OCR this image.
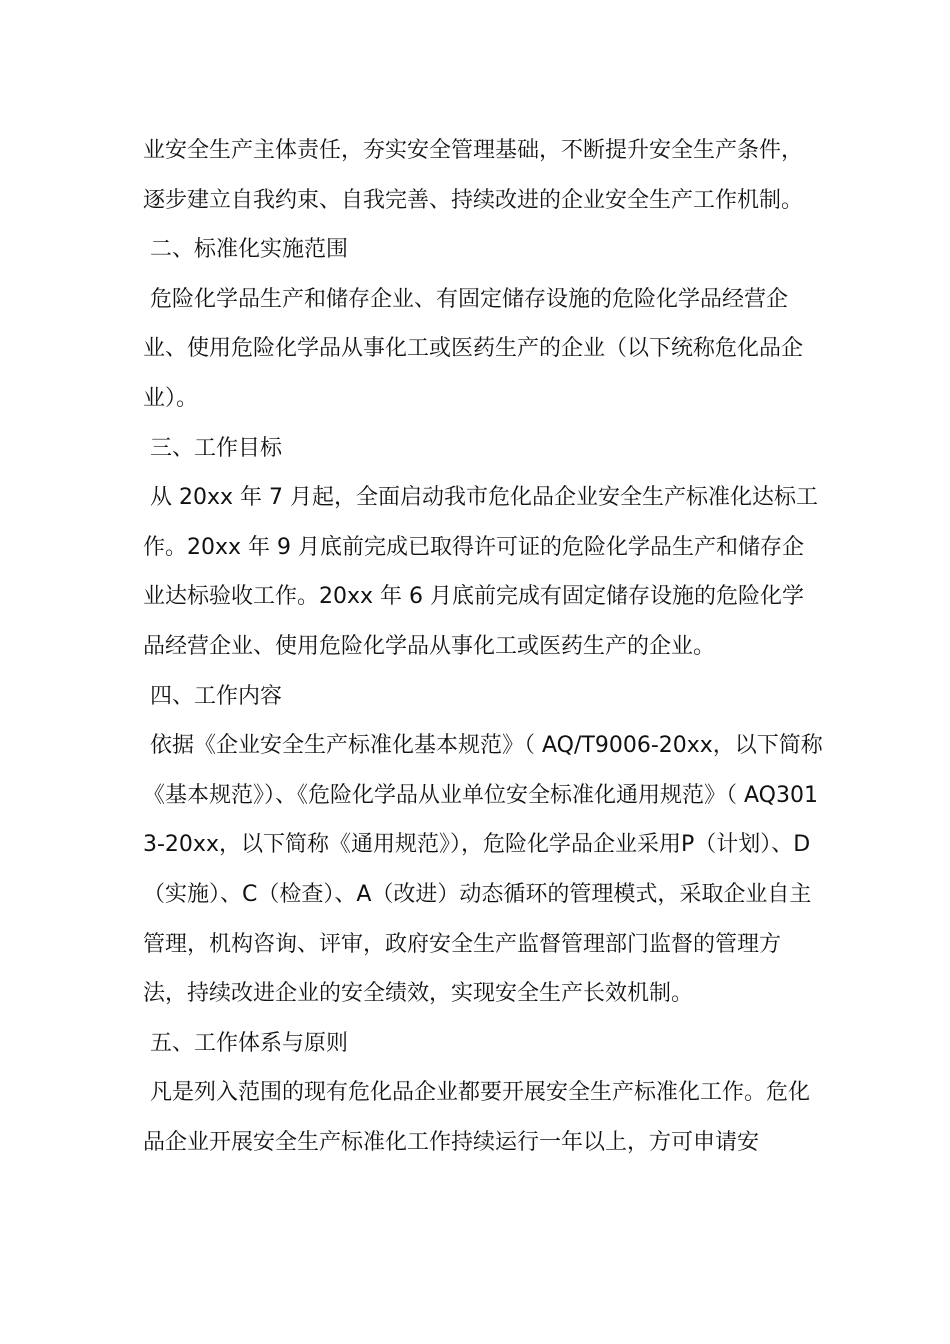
业安全生产主体责任，夯实安全管理基础，不断提升安全生产条件，逐步建立自我约束、自我完善、持续改进的企业安全生产工作机制。

二、标准化实施范围

危险化学品生产和储存企业、有固定储存设施的危险化学品经营企业、使用危险化学品从事化工或医药生产的企业（以下统称危化品企业）。

三、工作目标

从 20xx 年 7 月起，全面启动我市危化品企业安全生产标准化达标工作。20xx 年 9 月底前完成已取得许可证的危险化学品生产和储存企业达标验收工作。20xx 年 6 月底前完成有固定储存设施的危险化学品经营企业、使用危险化学品从事化工或医药生产的企业。

四、工作内容

依据《企业安全生产标准化基本规范》（ AQ/T9006-20xx，以下简称《基本规范》）、《危险化学品从业单位安全标准化通用规范》（ AQ3013-20xx，以下简称《通用规范》），危险化学品企业采用P（计划）、D（实施）、C（检查）、A（改进）动态循环的管理模式，采取企业自主管理，机构咨询、评审，政府安全生产监督管理部门监督的管理方法，持续改进企业的安全绩效，实现安全生产长效机制。

五、工作体系与原则

凡是列入范围的现有危化品企业都要开展安全生产标准化工作。危化品企业开展安全生产标准化工作持续运行一年以上，方可申请安
